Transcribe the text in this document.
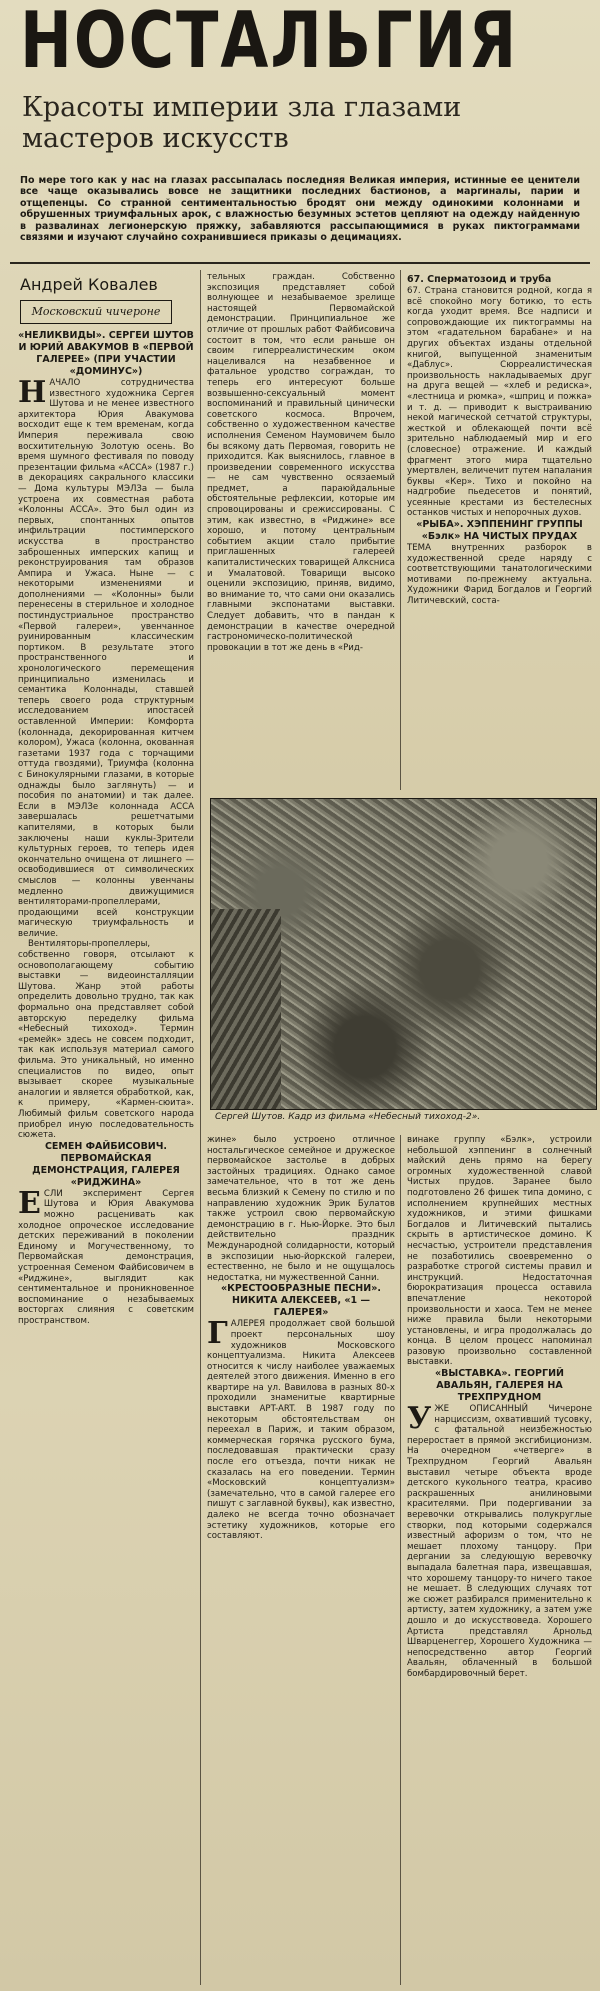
НОСТАЛЬГИЯ
Красоты империи зла глазами мастеров искусств
По мере того как у нас на глазах рассыпалась последняя Великая империя, истинные ее ценители все чаще оказывались вовсе не защитники последних бастионов, а маргиналы, парии и отщепенцы. Со странной сентиментальностью бродят они между одинокими колоннами и обрушенных триумфальных арок, с влажностью безумных эстетов цепляют на одежду найденную в развалинах легионерскую пряжку, забавляются рассыпающимися в руках пиктограммами связями и изучают случайно сохранившиеся приказы о децимациях.
Андрей Ковалев
Московский чичероне

«НЕЛИКВИДЫ». СЕРГЕЙ ШУТОВ И ЮРИЙ АВАКУМОВ В «ПЕРВОЙ ГАЛЕРЕЕ» (ПРИ УЧАСТИИ «ДОМИНУС»)

НАЧАЛО сотрудничества известного художника Сергея Шутова и не менее известного архитектора Юрия Авакумова восходит еще к тем временам, когда Империя переживала свою восхитительную Золотую осень. Во время шумного фестиваля по поводу презентации фильма «АССА» (1987 г.) в декорациях сакрального классики — Дома культуры МЭЛЗа — была устроена их совместная работа «Колонны АССА». Это был один из первых, спонтанных опытов инфильтрации постимперского искусства в пространство заброшенных имперских капищ и реконструирования там образов Ампира и Ужаса. Ныне — с некоторыми изменениями и дополнениями — «Колонны» были перенесены в стерильное и холодное постиндустриальное пространство «Первой галереи», увенчанное руинированным классическим портиком. В результате этого пространственного и хронологического перемещения принципиально изменилась и семантика Колоннады, ставшей теперь своего рода структурным исследованием ипостасей оставленной Империи: Комфорта (колоннада, декорированная китчем колором), Ужаса (колонна, окованная газетами 1937 года с торчащими оттуда гвоздями), Триумфа (колонна с Бинокулярными глазами, в которые однажды было заглянуть) — и пособия по анатомии) и так далее. Если в МЭЛЗе колоннада АССА завершалась решетчатыми капителями, в которых были заключены наши куклы-Зрители культурных героев, то теперь идея окончательно очищена от лишнего — освободившиеся от символических смыслов — колонны увенчаны медленно движущимися вентиляторами-пропеллерами, продающими всей конструкции магическую триумфальность и величие.

Вентиляторы-пропеллеры, собственно говоря, отсылают к основополагающему событию выставки — видеоинсталляции Шутова. Жанр этой работы определить довольно трудно, так как формально она представляет собой авторскую переделку фильма «Небесный тихоход». Термин «ремейк» здесь не совсем подходит, так как используя материал самого фильма. Это уникальный, но именно специалистов по видео, опыт вызывает скорее музыкальные аналогии и является обработкой, как, к примеру, «Кармен-сюита». Любимый фильм советского народа приобрел иную последовательность сюжета.

СЕМЕН ФАЙБИСОВИЧ. ПЕРВОМАЙСКАЯ ДЕМОНСТРАЦИЯ, ГАЛЕРЕЯ «РИДЖИНА»

ЕСЛИ эксперимент Сергея Шутова и Юрия Авакумова можно расценивать как холодное опроческое исследование детских переживаний в поколении Единому и Могучественному, то Первомайская демонстрация, устроенная Семеном Файбисовичем в «Риджине», выглядит как сентиментальное и проникновенное воспоминание о незабываемых восторгах слияния с советским пространством.

тельных граждан. Собственно экспозиция представляет собой волнующее и незабываемое зрелище настоящей Первомайской демонстрации. Принципиальное же отличие от прошлых работ Файбисовича состоит в том, что если раньше он своим гиперреалистическим оком нацеливался на незабвенное и фатальное уродство сограждан, то теперь его интересуют больше возвышенно-сексуальный момент воспоминаний и правильный цинически советского космоса. Впрочем, собственно о художественном качестве исполнения Семеном Наумовичем было бы всякому дать Первомая, говорить не приходится. Как выяснилось, главное в произведении современного искусства — не сам чувственно осязаемый предмет, а параюйдальные обстоятельные рефлексии, которые им спровоцированы и срежиссированы. С этим, как известно, в «Риджине» все хорошо, и потому центральным событием акции стало прибытие приглашенных галереей капиталистических товарищей Алксниса и Умалатовой. Товарищи высоко оценили экспозицию, приняв, видимо, во внимание то, что сами они оказались главными экспонатами выставки. Следует добавить, что в пандан к демонстрации в качестве очередной гастрономическо-политической провокации в тот же день в «Рид-

67. Сперматозоид и труба

67. Страна становится родной, когда я всё спокойно могу ботикю, то есть когда уходит время. Все надписи и сопровождающие их пиктограммы на этом «гадательном барабане» и на других объектах изданы отдельной книгой, выпущенной знаменитым «Даблус». Сюрреалистическая произвольность накладываемых друг на друга вещей — «хлеб и редиска», «лестница и рюмка», «шприц и пожка» и т. д. — приводит к выстраиванию некой магической сетчатой структуры, жесткой и облекающей почти всё зрительно наблюдаемый мир и его (словесное) отражение. И каждый фрагмент этого мира тщательно умертвлен, величечит путем напалания буквы «Кер». Тихо и покойно на надгробие пьедесетов и понятий, усеянные крестами из бестелесных останков чистых и непорочных духов.

«РЫБА». ХЭППЕНИНГ ГРУППЫ «Бэлк» НА ЧИСТЫХ ПРУДАХ

ТЕМА внутренних разборок в художественной среде наряду с соответствующими танатологическими мотивами по-прежнему актуальна. Художники Фарид Богдалов и Георгий Литичевский, соста-

Сергей Шутов. Кадр из фильма «Небесный тихоход-2».

жине» было устроено отличное ностальгическое семейное и дружеское первомайское застолье в добрых застойных традициях. Однако самое замечательное, что в тот же день весьма близкий к Семену по стилю и по направлению художник Эрик Булатов также устроил свою первомайскую демонстрацию в г. Нью-Йорке. Это был действительно праздник Международной солидарности, который в экспозиции нью-йоркской галереи, естественно, не было и не ощущалось недостатка, ни мужественной Санни.

«КРЕСТООБРАЗНЫЕ ПЕСНИ». НИКИТА АЛЕКСЕЕВ, «1 — ГАЛЕРЕЯ»

ГАЛЕРЕЯ продолжает свой большой проект персональных шоу художников Московского концептуализма. Никита Алексеев относится к числу наиболее уважаемых деятелей этого движения. Именно в его квартире на ул. Вавилова в разных 80-х проходили знаменитые квартирные выставки APT-ART. В 1987 году по некоторым обстоятельствам он переехал в Париж, и таким образом, коммерческая горячка русского бума, последовавшая практически сразу после его отъезда, почти никак не сказалась на его поведении. Термин «Московский концептуализм» (замечательно, что в самой галерее его пишут с заглавной буквы), как известно, далеко не всегда точно обозначает эстетику художников, которые его составляют.

винаке группу «Бэлк», устроили небольшой хэппенинг в солнечный майский день прямо на берегу огромных художественной славой Чистых прудов. Заранее было подготовлено 26 фишек типа домино, с исполнением крупнейших местных художников, и этими фишками Богдалов и Литичевский пытались скрыть в артистическое домино. К несчастью, устроители представления не позаботились своевременно о разработке строгой системы правил и инструкций. Недостаточная бюрократизация процесса оставила впечатление некоторой произвольности и хаоса. Тем не менее ниже правила были некоторыми установлены, и игра продолжалась до конца. В целом процесс напоминал разовую произвольно составленной выставки.

«ВЫСТАВКА». ГЕОРГИЙ АВАЛЬЯН, ГАЛЕРЕЯ НА ТРЕХПРУДНОМ

УЖЕ ОПИСАННЫЙ Чичероне нарциссизм, охвативший тусовку, с фатальной неизбежностью переростает в прямой эксгибиционизм. На очередном «четверге» в Трехпрудном Георгий Авальян выставил четыре объекта вроде детского кукольного театра, красиво раскрашенных анилиновыми красителями. При подергивании за веревочки открывались полукруглые створки, под которыми содержался известный афоризм о том, что не мешает плохому танцору. При дергании за следующую веревочку выпадала балетная пара, извещавшая, что хорошему танцору-то ничего такое не мешает. В следующих случаях тот же сюжет разбирался применительно к артисту, затем художнику, а затем уже дошло и до искусствоведа. Хорошего Артиста представлял Арнольд Шварценеггер, Хорошего Художника — непосредственно автор Георгий Авальян, облаченный в большой бомбардировочный берет.
